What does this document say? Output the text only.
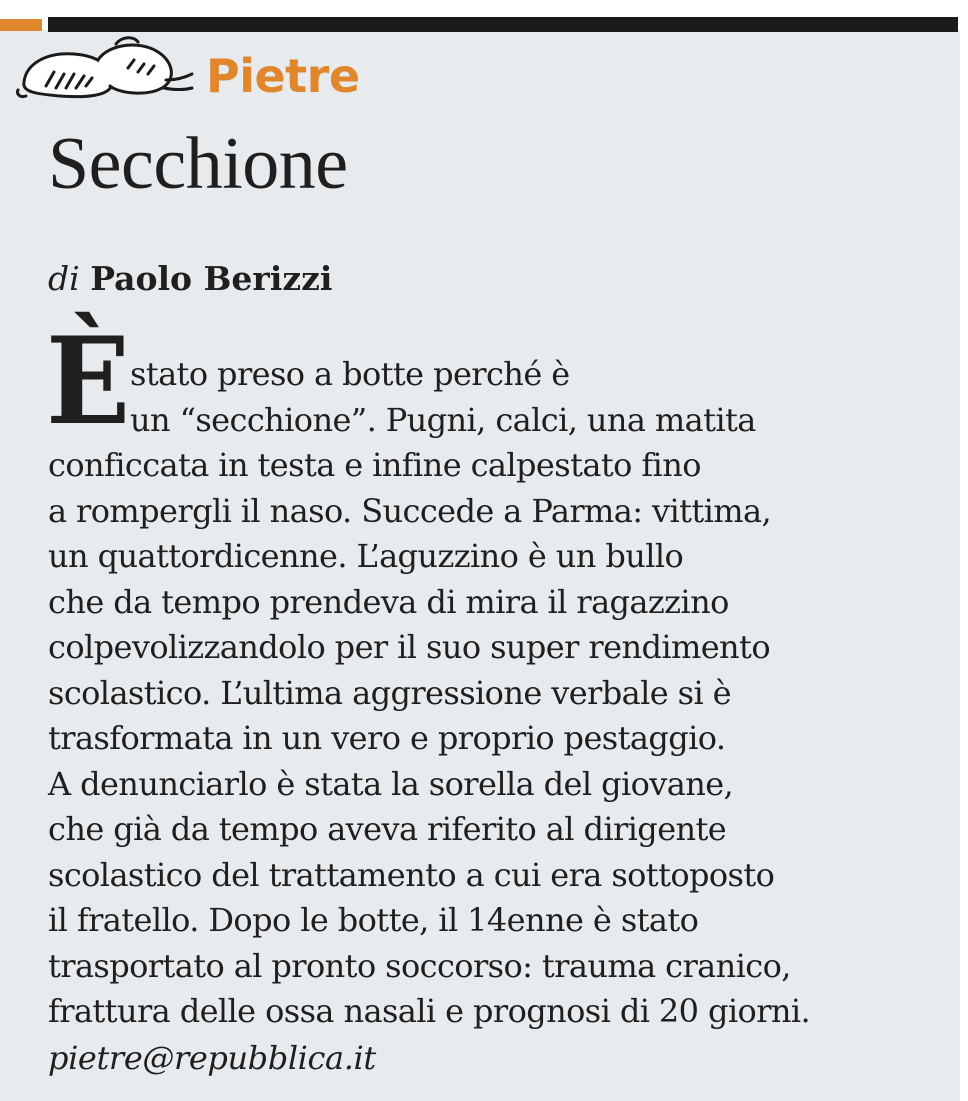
Pietre
Secchione
di Paolo Berizzi
È stato preso a botte perché è
un “secchione”. Pugni, calci, una matita
conficcata in testa e infine calpestato fino
a rompergli il naso. Succede a Parma: vittima,
un quattordicenne. L’aguzzino è un bullo
che da tempo prendeva di mira il ragazzino
colpevolizzandolo per il suo super rendimento
scolastico. L’ultima aggressione verbale si è
trasformata in un vero e proprio pestaggio.
A denunciarlo è stata la sorella del giovane,
che già da tempo aveva riferito al dirigente
scolastico del trattamento a cui era sottoposto
il fratello. Dopo le botte, il 14enne è stato
trasportato al pronto soccorso: trauma cranico,
frattura delle ossa nasali e prognosi di 20 giorni.
pietre@repubblica.it
